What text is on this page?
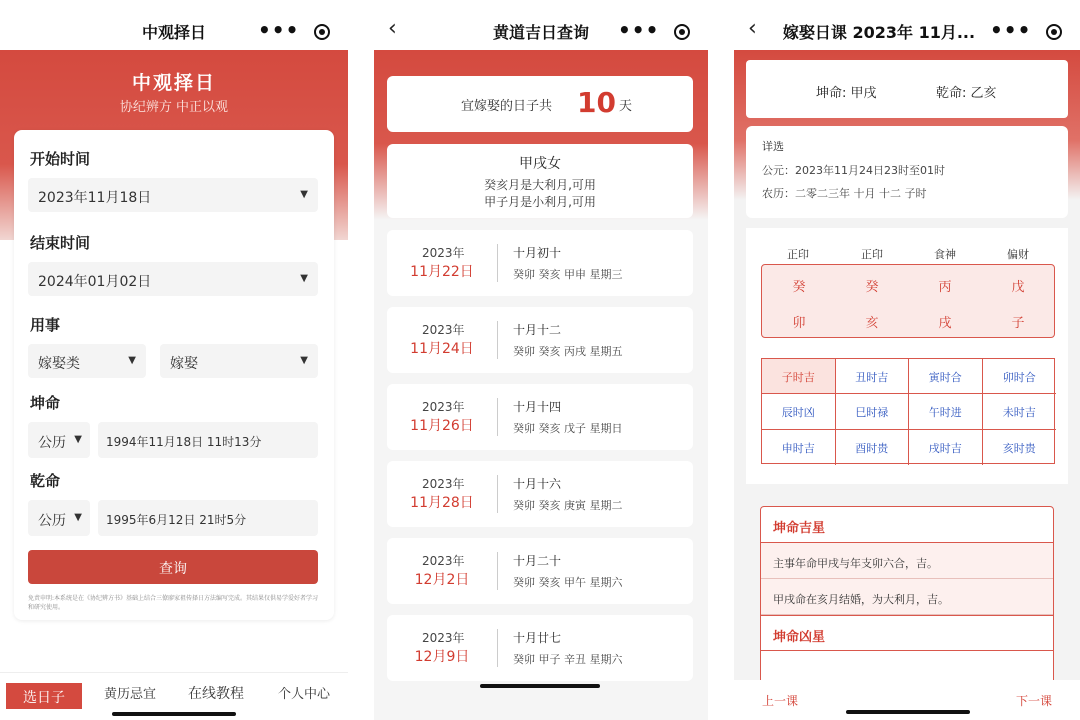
中观择日	•••
中观择日
协纪辨方 中正以观
开始时间
2023年11月18日	▼
结束时间
2024年01月02日	▼
用事
嫁娶类	▼	嫁娶	▼
坤命
公历 ▼	1994年11月18日 11时13分
乾命
公历 ▼	1995年6月12日 21时5分
查询
免责申明:本系统是在《协纪辨方书》基础上结合三僚廖家祖传择日方法编写完成。其结果仅供易学爱好者学习和研究使用。
选日子	黄历忌宜 在线教程	个人中心
‹	黄道吉日查询	•••
宜嫁娶的日子共 10 天
甲戌女
癸亥月是大利月,可用
甲子月是小利月,可用
2023年
11月22日
十月初十
癸卯 癸亥 甲申 星期三
2023年
11月24日
十月十二
癸卯 癸亥 丙戌 星期五
2023年
11月26日
十月十四
癸卯 癸亥 戊子 星期日
2023年
11月28日
十月十六
癸卯 癸亥 庚寅 星期二
2023年
12月2日
十月二十
癸卯 癸亥 甲午 星期六
2023年
12月9日
十月廿七
癸卯 甲子 辛丑 星期六
‹	嫁娶日课 2023年 11月... •••
坤命: 甲戌	乾命: 乙亥
详选
公元：2023年11月24日23时至01时
农历：二零二三年 十月 十二 子时
正印	正印	食神	偏财
癸	癸	丙	戊
卯	亥	戌	子
子时吉	丑时吉	寅时合	卯时合
辰时凶	巳时禄	午时进	未时吉
申时吉	酉时贵	戌时吉	亥时贵
坤命吉星
主事年命甲戌与年支卯六合，吉。
甲戌命在亥月结婚，为大利月，吉。
坤命凶星
上一课	下一课
